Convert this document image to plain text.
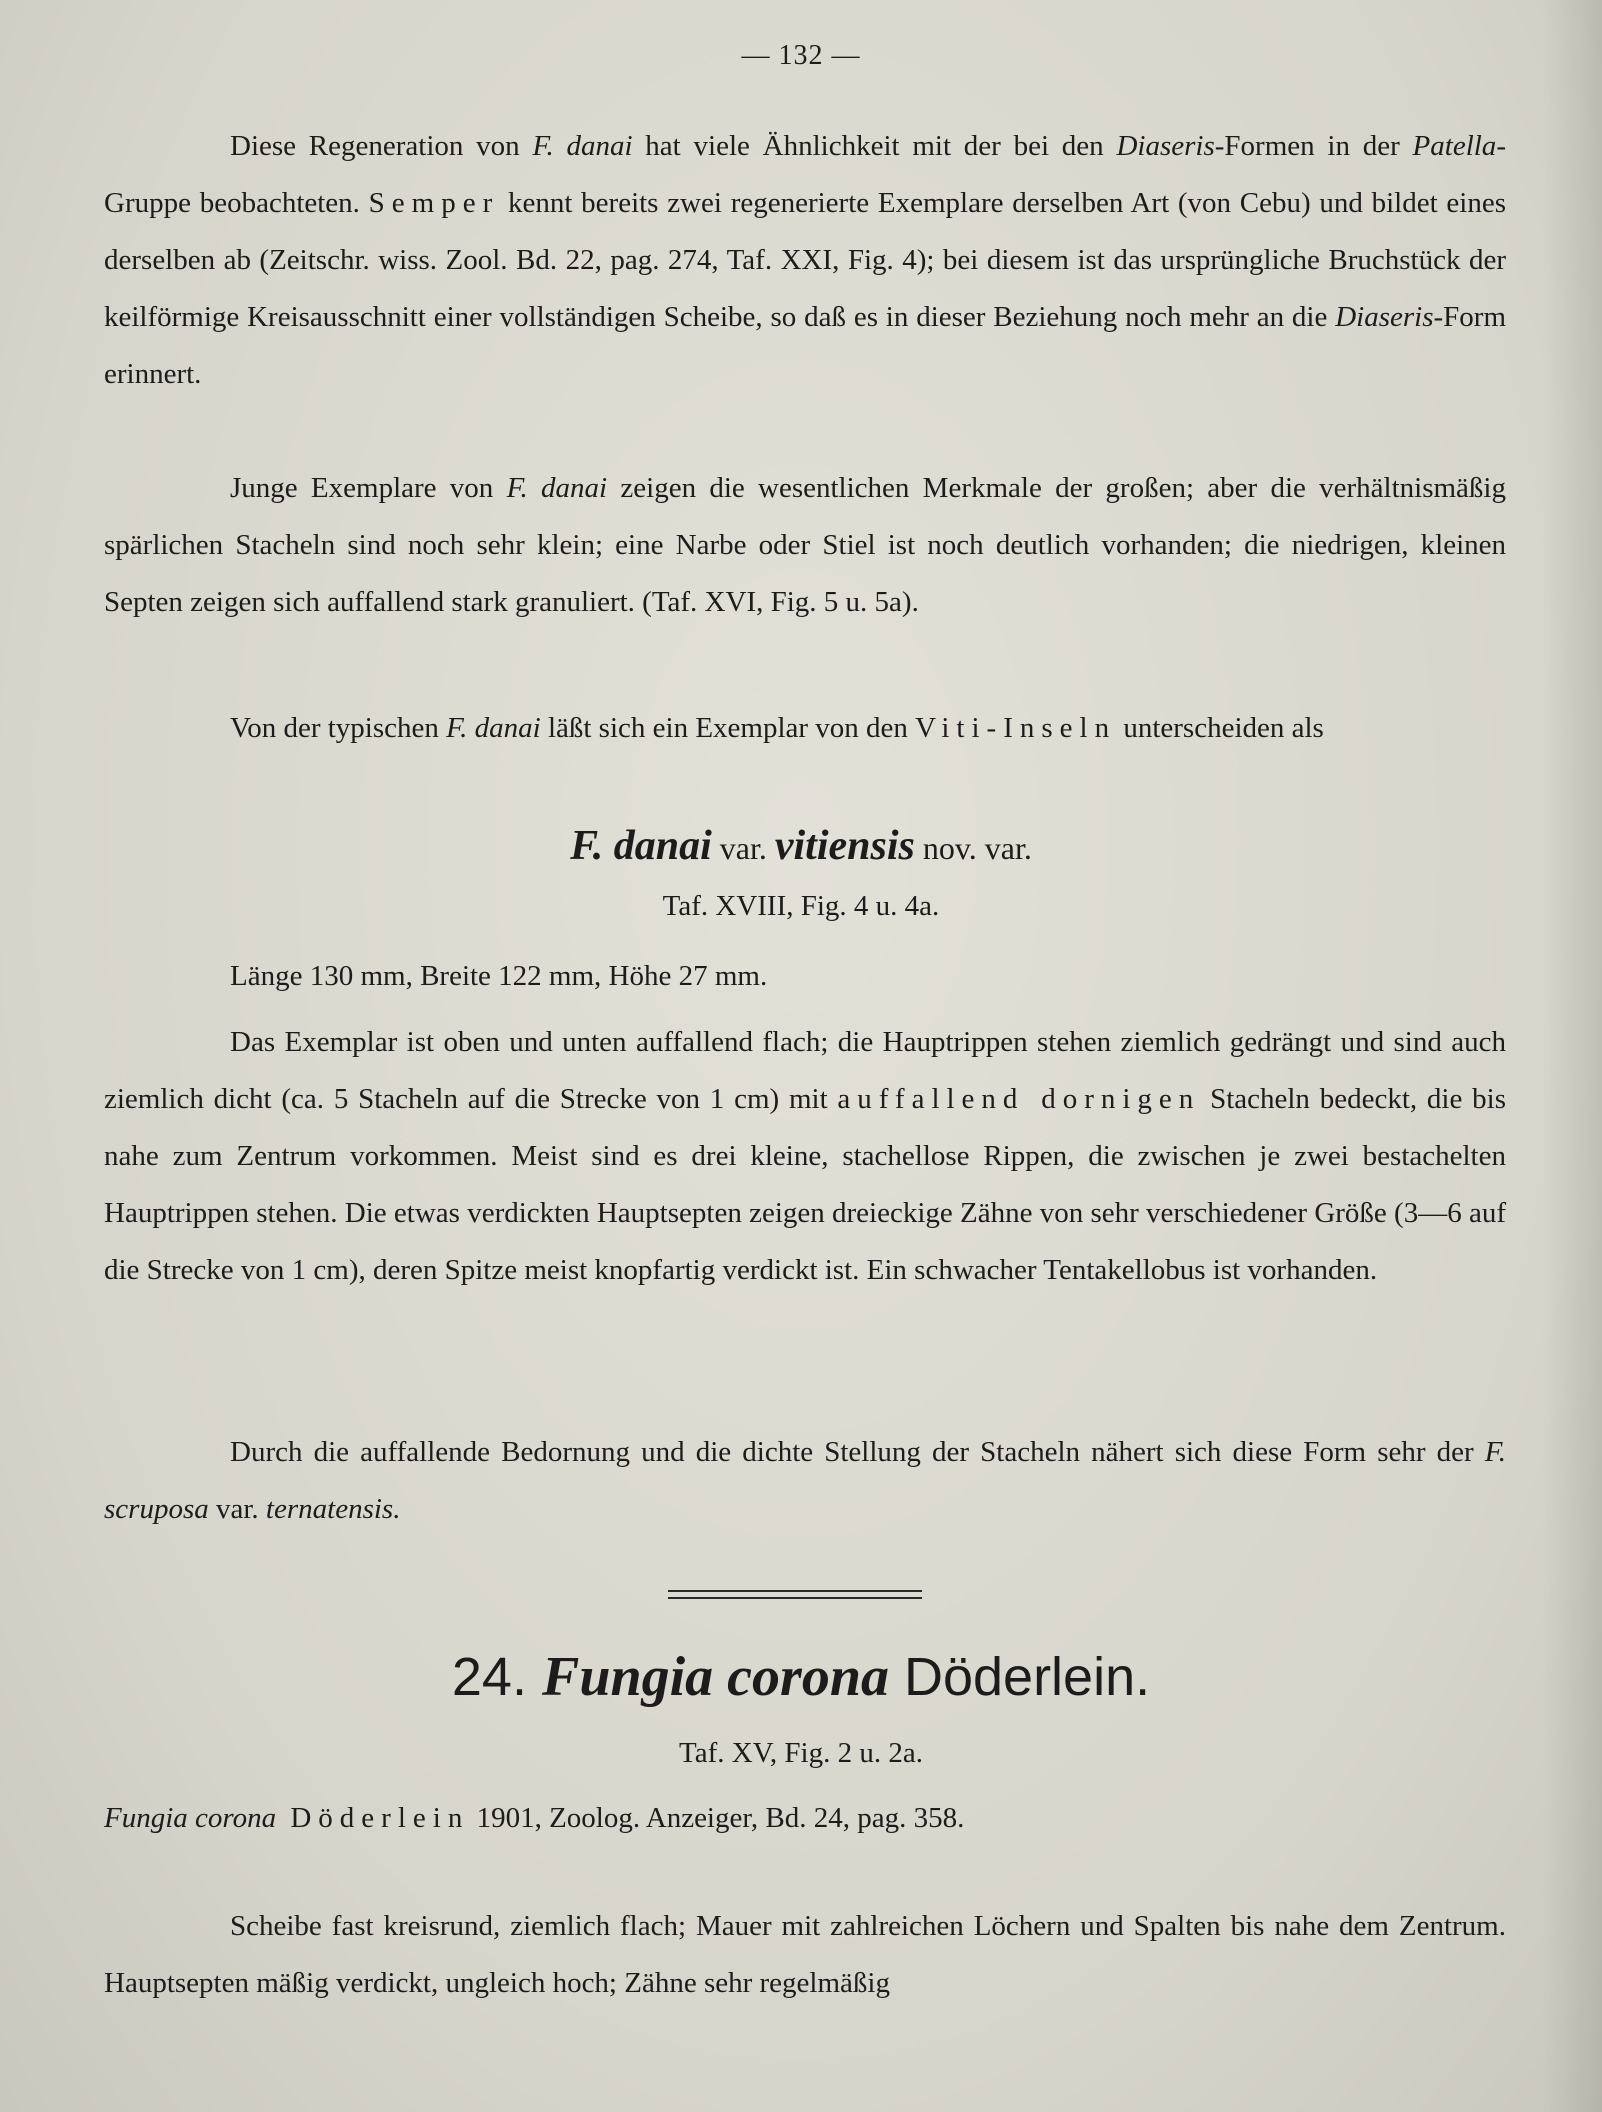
— 132 —

Diese Regeneration von F. danai hat viele Ähnlichkeit mit der bei den Diaseris-Formen in der Patella-Gruppe beobachteten. Semper kennt bereits zwei regenerierte Exemplare derselben Art (von Cebu) und bildet eines derselben ab (Zeitschr. wiss. Zool. Bd. 22, pag. 274, Taf. XXI, Fig. 4); bei diesem ist das ursprüngliche Bruchstück der keilförmige Kreisausschnitt einer vollständigen Scheibe, so daß es in dieser Beziehung noch mehr an die Diaseris-Form erinnert.

Junge Exemplare von F. danai zeigen die wesentlichen Merkmale der großen; aber die verhältnismäßig spärlichen Stacheln sind noch sehr klein; eine Narbe oder Stiel ist noch deutlich vorhanden; die niedrigen, kleinen Septen zeigen sich auffallend stark granuliert. (Taf. XVI, Fig. 5 u. 5a).

Von der typischen F. danai läßt sich ein Exemplar von den Viti-Inseln unterscheiden als

F. danai var. vitiensis nov. var.
Taf. XVIII, Fig. 4 u. 4a.

Länge 130 mm, Breite 122 mm, Höhe 27 mm.

Das Exemplar ist oben und unten auffallend flach; die Hauptrippen stehen ziemlich gedrängt und sind auch ziemlich dicht (ca. 5 Stacheln auf die Strecke von 1 cm) mit auffallend dornigen Stacheln bedeckt, die bis nahe zum Zentrum vorkommen. Meist sind es drei kleine, stachellose Rippen, die zwischen je zwei bestachelten Hauptrippen stehen. Die etwas verdickten Hauptsepten zeigen dreieckige Zähne von sehr verschiedener Größe (3—6 auf die Strecke von 1 cm), deren Spitze meist knopfartig verdickt ist. Ein schwacher Tentakellobus ist vorhanden.

Durch die auffallende Bedornung und die dichte Stellung der Stacheln nähert sich diese Form sehr der F. scruposa var. ternatensis.

24. Fungia corona Döderlein.
Taf. XV, Fig. 2 u. 2a.

Fungia corona Döderlein 1901, Zoolog. Anzeiger, Bd. 24, pag. 358.

Scheibe fast kreisrund, ziemlich flach; Mauer mit zahlreichen Löchern und Spalten bis nahe dem Zentrum. Hauptsepten mäßig verdickt, ungleich hoch; Zähne sehr regelmäßig
